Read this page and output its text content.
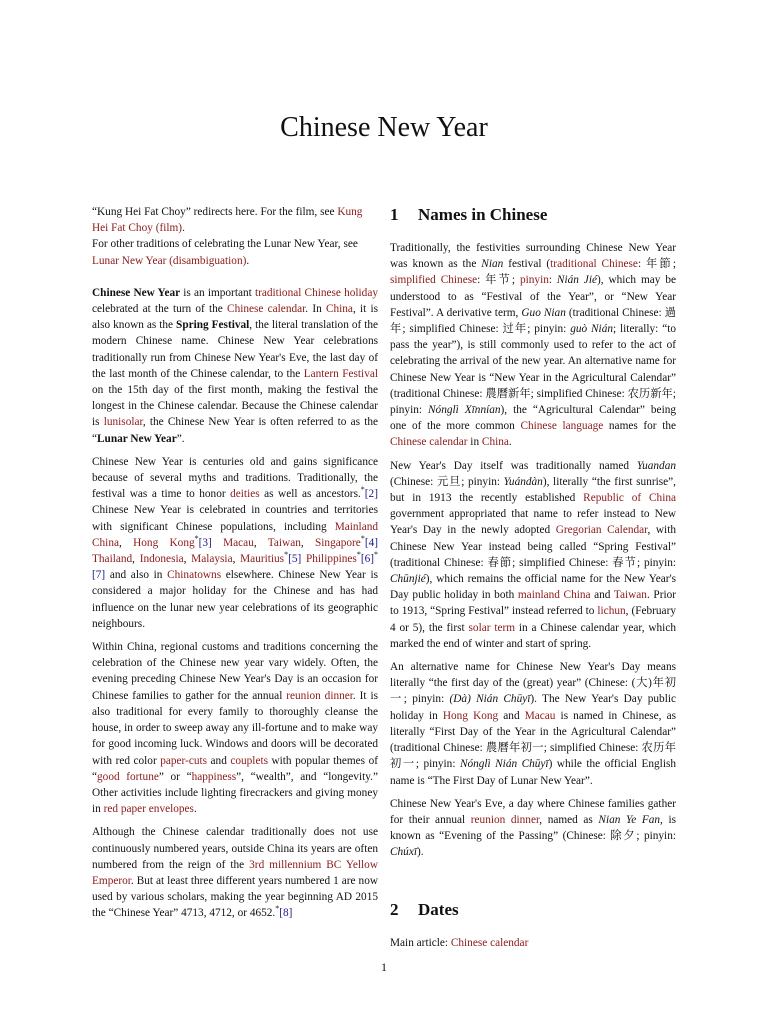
Chinese New Year

“Kung Hei Fat Choy” redirects here. For the film, see Kung Hei Fat Choy (film).

For other traditions of celebrating the Lunar New Year, see Lunar New Year (disambiguation).

Chinese New Year is an important traditional Chinese holiday celebrated at the turn of the Chinese calendar. In China, it is also known as the Spring Festival, the literal translation of the modern Chinese name. Chinese New Year celebrations traditionally run from Chinese New Year's Eve, the last day of the last month of the Chinese calendar, to the Lantern Festival on the 15th day of the first month, making the festival the longest in the Chinese calendar. Because the Chinese calendar is lunisolar, the Chinese New Year is often referred to as the “Lunar New Year”.

Chinese New Year is centuries old and gains significance because of several myths and traditions. Traditionally, the festival was a time to honor deities as well as ancestors.*[2] Chinese New Year is celebrated in countries and territories with significant Chinese populations, including Mainland China, Hong Kong*[3] Macau, Taiwan, Singapore*[4] Thailand, Indonesia, Malaysia, Mauritius*[5] Philippines*[6]*[7] and also in Chinatowns elsewhere. Chinese New Year is considered a major holiday for the Chinese and has had influence on the lunar new year celebrations of its geographic neighbours.

Within China, regional customs and traditions concerning the celebration of the Chinese new year vary widely. Often, the evening preceding Chinese New Year's Day is an occasion for Chinese families to gather for the annual reunion dinner. It is also traditional for every family to thoroughly cleanse the house, in order to sweep away any ill-fortune and to make way for good incoming luck. Windows and doors will be decorated with red color paper-cuts and couplets with popular themes of “good fortune” or “happiness”, “wealth”, and “longevity.” Other activities include lighting firecrackers and giving money in red paper envelopes.

Although the Chinese calendar traditionally does not use continuously numbered years, outside China its years are often numbered from the reign of the 3rd millennium BC Yellow Emperor. But at least three different years numbered 1 are now used by various scholars, making the year beginning AD 2015 the “Chinese Year” 4713, 4712, or 4652.*[8]

1 Names in Chinese

Traditionally, the festivities surrounding Chinese New Year was known as the Nian festival (traditional Chinese: 年節; simplified Chinese: 年节; pinyin: Nián Jié), which may be understood to as “Festival of the Year”, or “New Year Festival”. A derivative term, Guo Nian (traditional Chinese: 過年; simplified Chinese: 过年; pinyin: guò Nián; literally: “to pass the year”), is still commonly used to refer to the act of celebrating the arrival of the new year. An alternative name for Chinese New Year is “New Year in the Agricultural Calendar” (traditional Chinese: 農曆新年; simplified Chinese: 农历新年; pinyin: Nónglì Xīnnían), the “Agricultural Calendar” being one of the more common Chinese language names for the Chinese calendar in China.

New Year's Day itself was traditionally named Yuandan (Chinese: 元旦; pinyin: Yuándàn), literally “the first sunrise”, but in 1913 the recently established Republic of China government appropriated that name to refer instead to New Year's Day in the newly adopted Gregorian Calendar, with Chinese New Year instead being called “Spring Festival” (traditional Chinese: 春節; simplified Chinese: 春节; pinyin: Chūnjié), which remains the official name for the New Year's Day public holiday in both mainland China and Taiwan. Prior to 1913, “Spring Festival” instead referred to lichun, (February 4 or 5), the first solar term in a Chinese calendar year, which marked the end of winter and start of spring.

An alternative name for Chinese New Year's Day means literally “the first day of the (great) year” (Chinese: (大)年初一; pinyin: (Dà) Nián Chūyī). The New Year's Day public holiday in Hong Kong and Macau is named in Chinese, as literally “First Day of the Year in the Agricultural Calendar” (traditional Chinese: 農曆年初一; simplified Chinese: 农历年初一; pinyin: Nónglì Nián Chūyī) while the official English name is “The First Day of Lunar New Year”.

Chinese New Year's Eve, a day where Chinese families gather for their annual reunion dinner, named as Nian Ye Fan, is known as “Evening of the Passing” (Chinese: 除夕; pinyin: Chúxī).

2 Dates

Main article: Chinese calendar

1
